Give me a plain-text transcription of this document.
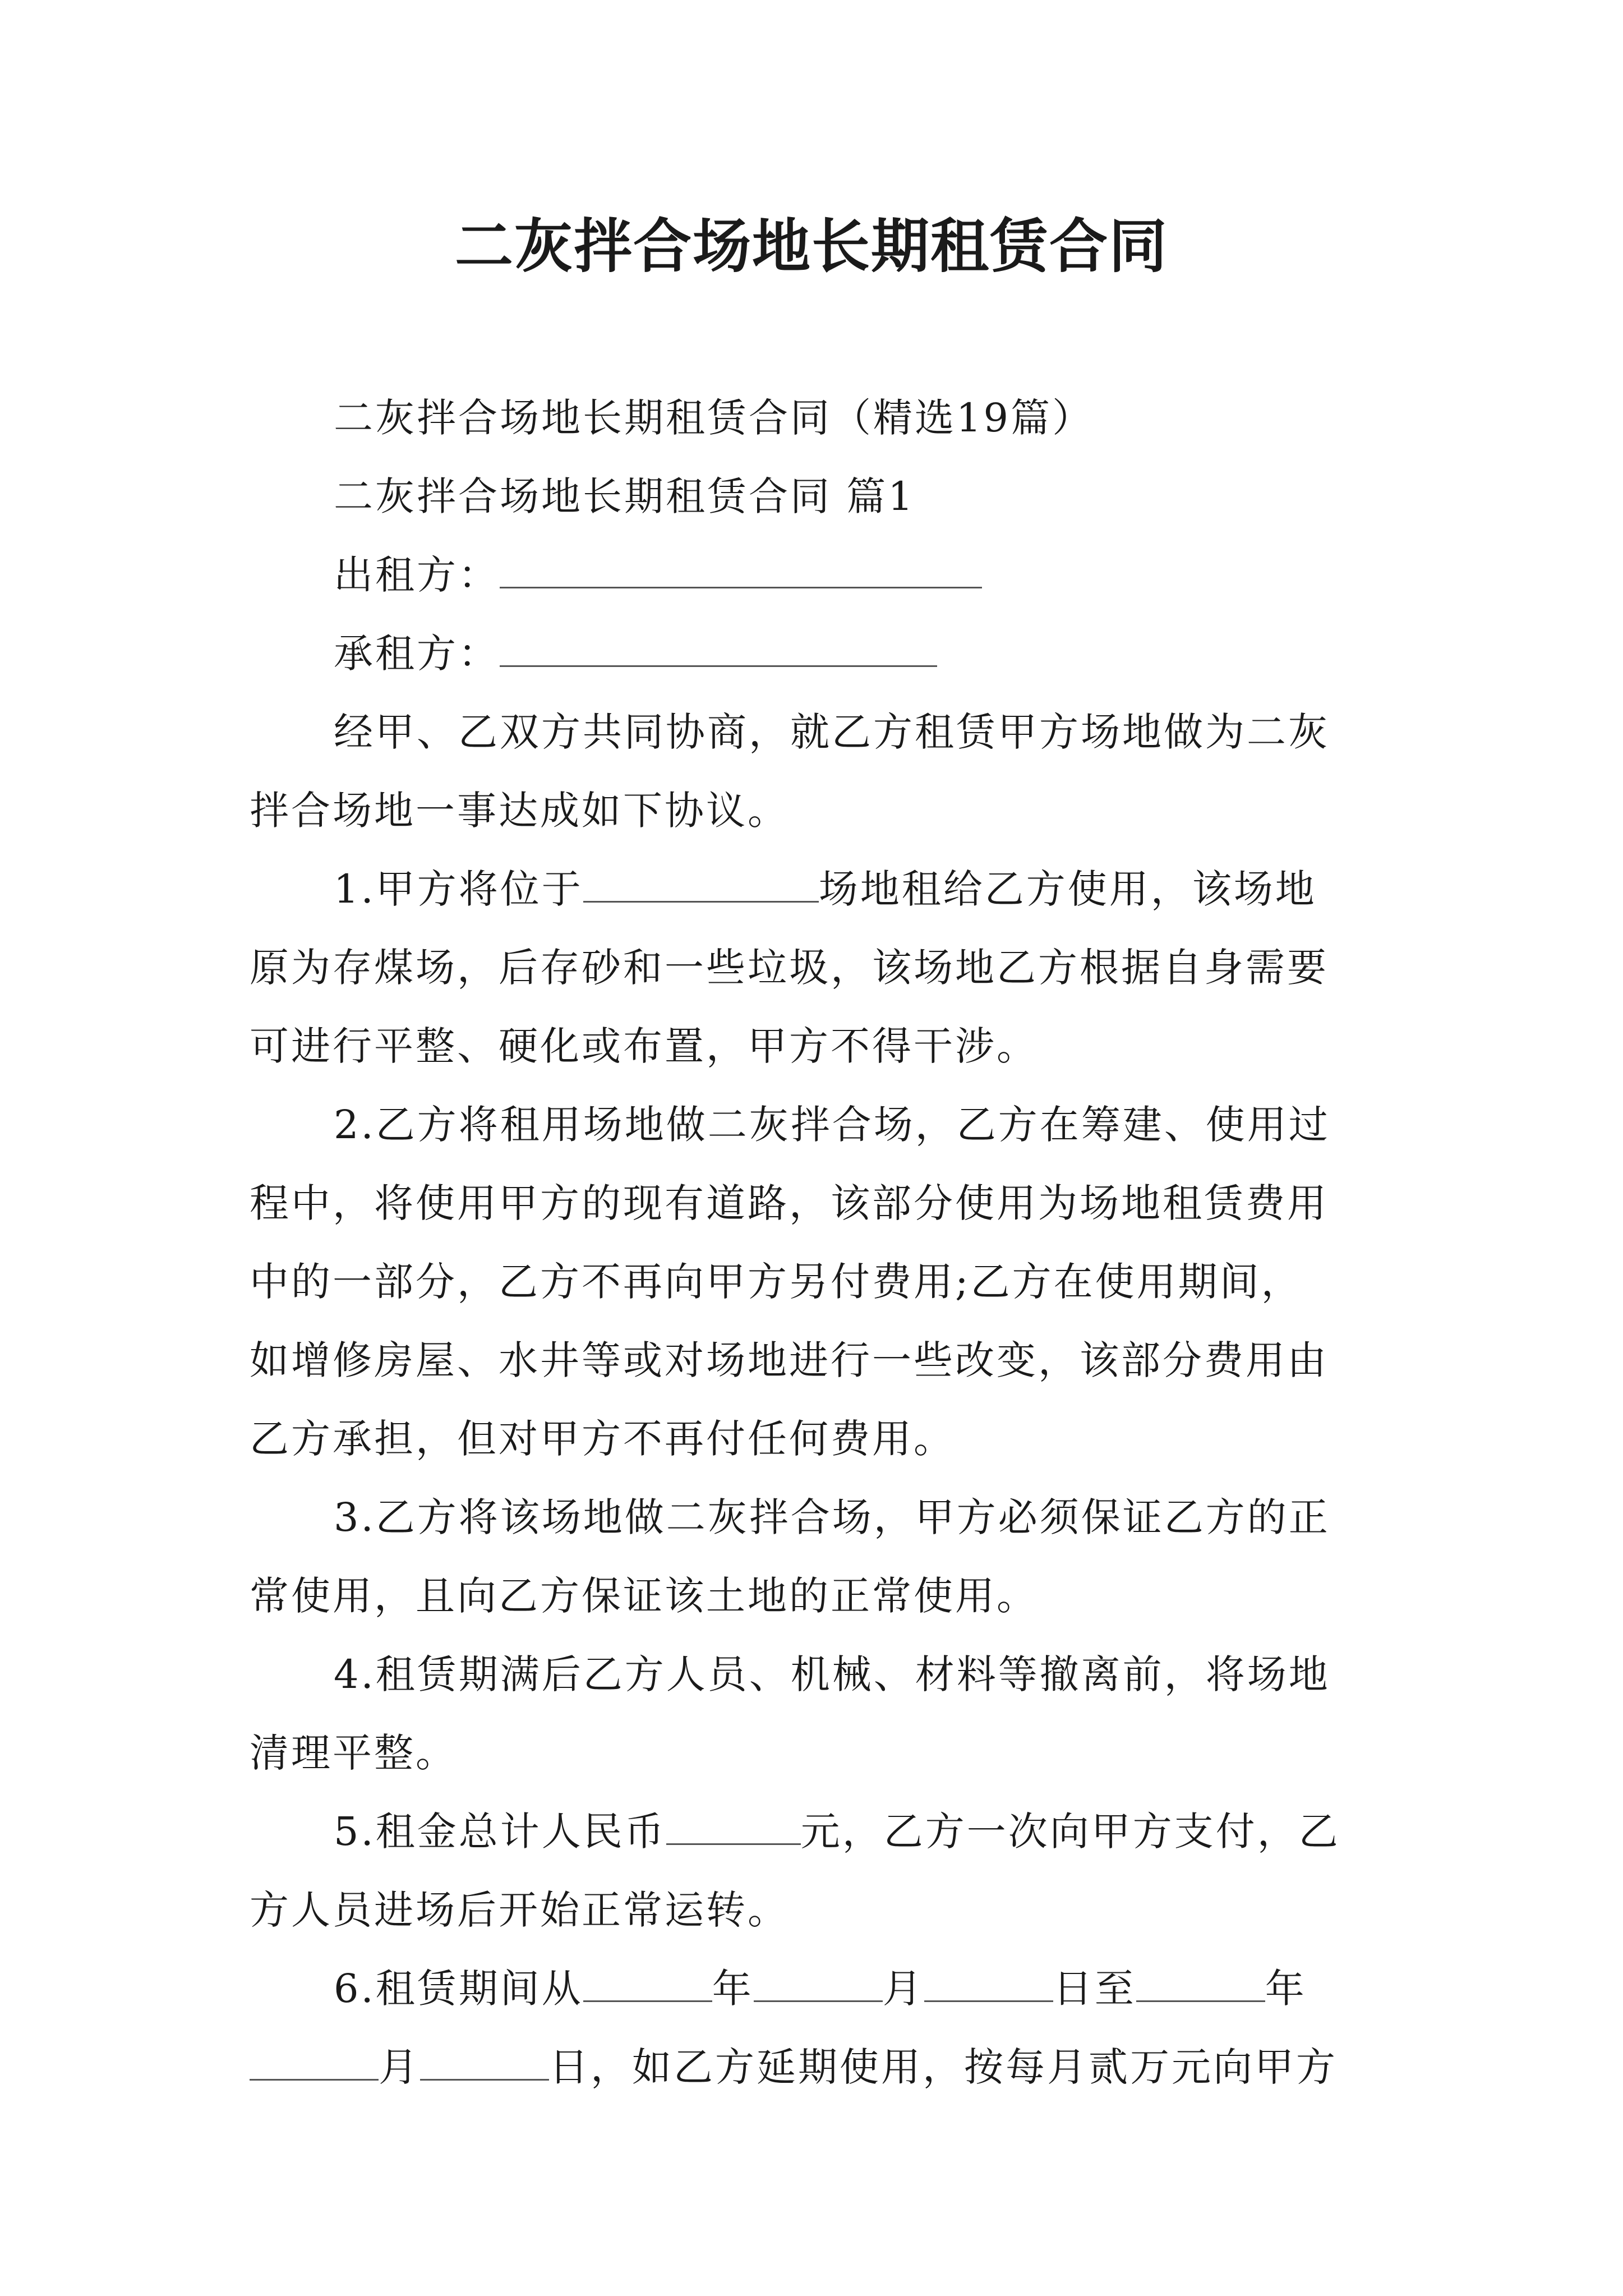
二灰拌合场地长期租赁合同
二灰拌合场地长期租赁合同（精选19篇）
二灰拌合场地长期租赁合同 篇1
出租方：
承租方：
经甲、乙双方共同协商，就乙方租赁甲方场地做为二灰
拌合场地一事达成如下协议。
1.甲方将位于	场地租给乙方使用，该场地
原为存煤场，后存砂和一些垃圾，该场地乙方根据自身需要
可进行平整、硬化或布置，甲方不得干涉。
2.乙方将租用场地做二灰拌合场，乙方在筹建、使用过
程中，将使用甲方的现有道路，该部分使用为场地租赁费用
中的一部分，乙方不再向甲方另付费用;乙方在使用期间，
如增修房屋、水井等或对场地进行一些改变，该部分费用由
乙方承担，但对甲方不再付任何费用。
3.乙方将该场地做二灰拌合场，甲方必须保证乙方的正
常使用，且向乙方保证该土地的正常使用。
4.租赁期满后乙方人员、机械、材料等撤离前，将场地
清理平整。
5.租金总计人民币	元，乙方一次向甲方支付，乙
方人员进场后开始正常运转。
6.租赁期间从	年	月	日至	年
月	日，如乙方延期使用，按每月贰万元向甲方
